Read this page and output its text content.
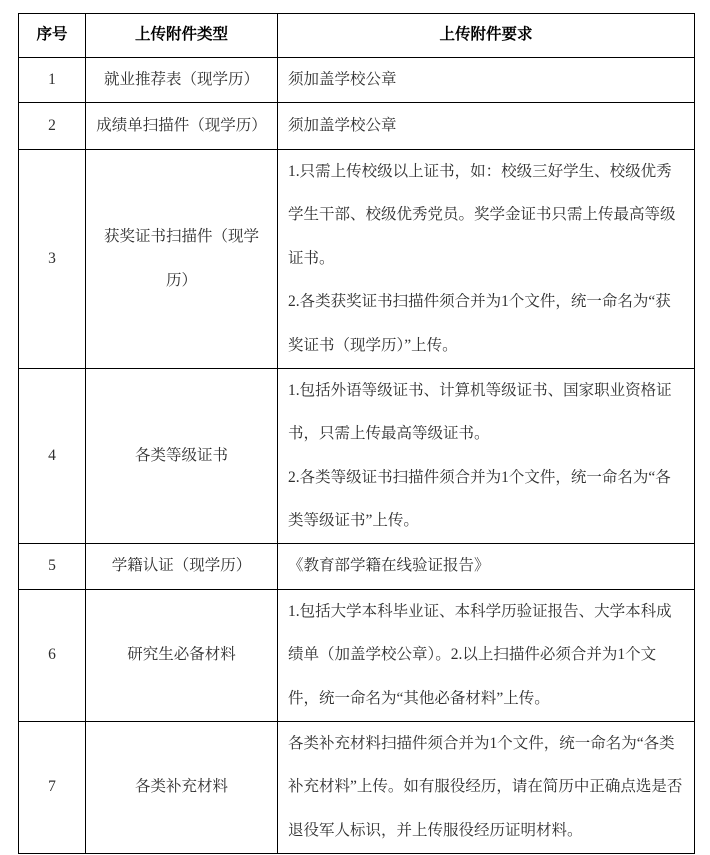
序号	上传附件类型	上传附件要求
1	就业推荐表（现学历）	须加盖学校公章

2	成绩单扫描件（现学历）	须加盖学校公章

3	获奖证书扫描件（现学历）	1.只需上传校级以上证书，如：校级三好学生、校级优秀学生干部、校级优秀党员。奖学金证书只需上传最高等级证书。

2.各类获奖证书扫描件须合并为1个文件，统一命名为“获奖证书（现学历）”上传。

4	各类等级证书	1.包括外语等级证书、计算机等级证书、国家职业资格证书，只需上传最高等级证书。

2.各类等级证书扫描件须合并为1个文件，统一命名为“各类等级证书”上传。

5	学籍认证（现学历）	《教育部学籍在线验证报告》

6	研究生必备材料	1.包括大学本科毕业证、本科学历验证报告、大学本科成绩单（加盖学校公章）。2.以上扫描件必须合并为1个文件，统一命名为“其他必备材料”上传。

7	各类补充材料	各类补充材料扫描件须合并为1个文件，统一命名为“各类补充材料”上传。如有服役经历，请在简历中正确点选是否退役军人标识，并上传服役经历证明材料。
